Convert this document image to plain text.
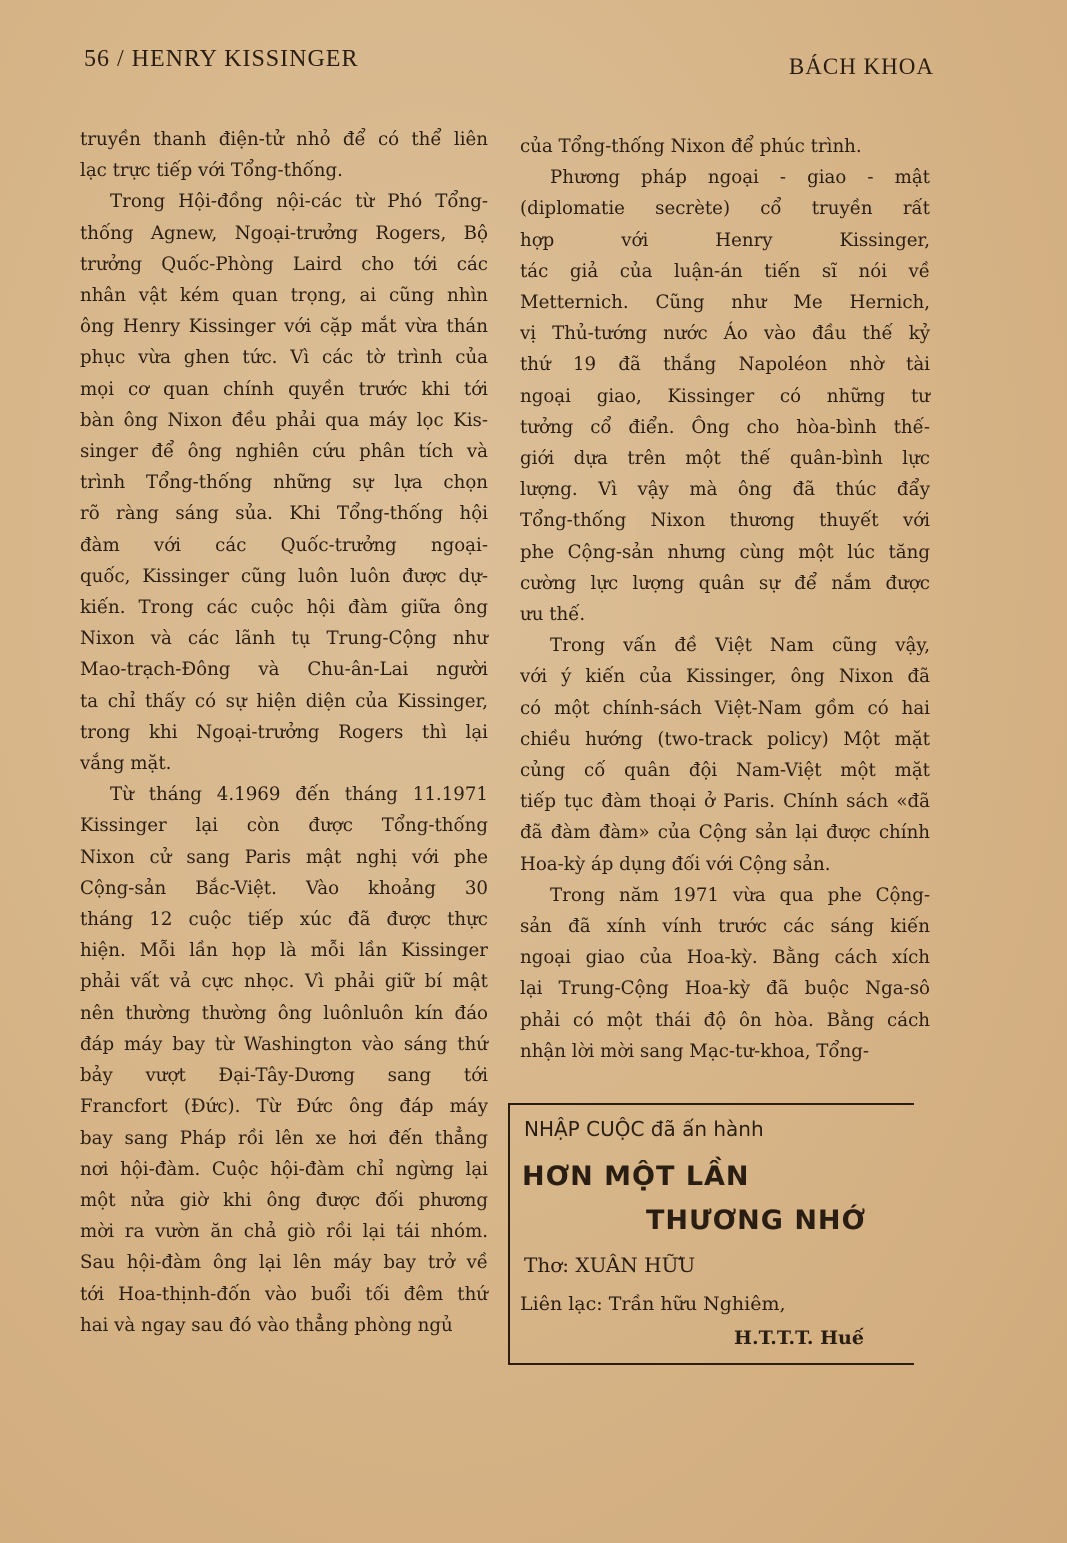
56 / HENRY KISSINGER	BÁCH KHOA
truyền thanh điện-tử nhỏ để có thể liên
lạc trực tiếp với Tổng-thống.
Trong Hội-đồng nội-các từ Phó Tổng-
thống Agnew, Ngoại-trưởng Rogers, Bộ
trưởng Quốc-Phòng Laird cho tới các
nhân vật kém quan trọng, ai cũng nhìn
ông Henry Kissinger với cặp mắt vừa thán
phục vừa ghen tức. Vì các tờ trình của
mọi cơ quan chính quyền trước khi tới
bàn ông Nixon đều phải qua máy lọc Kis-
singer để ông nghiên cứu phân tích và
trình Tổng-thống những sự lựa chọn
rõ ràng sáng sủa. Khi Tổng-thống hội
đàm với các Quốc-trưởng ngoại-
quốc, Kissinger cũng luôn luôn được dự-
kiến. Trong các cuộc hội đàm giữa ông
Nixon và các lãnh tụ Trung-Cộng như
Mao-trạch-Đông và Chu-ân-Lai người
ta chỉ thấy có sự hiện diện của Kissinger,
trong khi Ngoại-trưởng Rogers thì lại
vắng mặt.
Từ tháng 4.1969 đến tháng 11.1971
Kissinger lại còn được Tổng-thống
Nixon cử sang Paris mật nghị với phe
Cộng-sản Bắc-Việt. Vào khoảng 30
tháng 12 cuộc tiếp xúc đã được thực
hiện. Mỗi lần họp là mỗi lần Kissinger
phải vất vả cực nhọc. Vì phải giữ bí mật
nên thường thường ông luônluôn kín đáo
đáp máy bay từ Washington vào sáng thứ
bảy vượt Đại-Tây-Dương sang tới
Francfort (Đức). Từ Đức ông đáp máy
bay sang Pháp rồi lên xe hơi đến thẳng
nơi hội-đàm. Cuộc hội-đàm chỉ ngừng lại
một nửa giờ khi ông được đối phương
mời ra vườn ăn chả giò rồi lại tái nhóm.
Sau hội-đàm ông lại lên máy bay trở về
tới Hoa-thịnh-đốn vào buổi tối đêm thứ
hai và ngay sau đó vào thẳng phòng ngủ
của Tổng-thống Nixon để phúc trình.
Phương pháp ngoại - giao - mật
(diplomatie secrète) cổ truyền rất
hợp với Henry Kissinger,
tác giả của luận-án tiến sĩ nói về
Metternich. Cũng như Me Hernich,
vị Thủ-tướng nước Áo vào đầu thế kỷ
thứ 19 đã thắng Napoléon nhờ tài
ngoại giao, Kissinger có những tư
tưởng cổ điển. Ông cho hòa-bình thế-
giới dựa trên một thế quân-bình lực
lượng. Vì vậy mà ông đã thúc đẩy
Tổng-thống Nixon thương thuyết với
phe Cộng-sản nhưng cùng một lúc tăng
cường lực lượng quân sự để nắm được
ưu thế.
Trong vấn đề Việt Nam cũng vậy,
với ý kiến của Kissinger, ông Nixon đã
có một chính-sách Việt-Nam gồm có hai
chiều hướng (two-track policy) Một mặt
củng cố quân đội Nam-Việt một mặt
tiếp tục đàm thoại ở Paris. Chính sách «đã
đã đàm đàm» của Cộng sản lại được chính
Hoa-kỳ áp dụng đối với Cộng sản.
Trong năm 1971 vừa qua phe Cộng-
sản đã xính vính trước các sáng kiến
ngoại giao của Hoa-kỳ. Bằng cách xích
lại Trung-Cộng Hoa-kỳ đã buộc Nga-sô
phải có một thái độ ôn hòa. Bằng cách
nhận lời mời sang Mạc-tư-khoa, Tổng-
NHẬP CUỘC đã ấn hành
HƠN MỘT LẦN
THƯƠNG NHỚ
Thơ: XUÂN HỮU
Liên lạc: Trần hữu Nghiêm,
H.T.T.T. Huế
